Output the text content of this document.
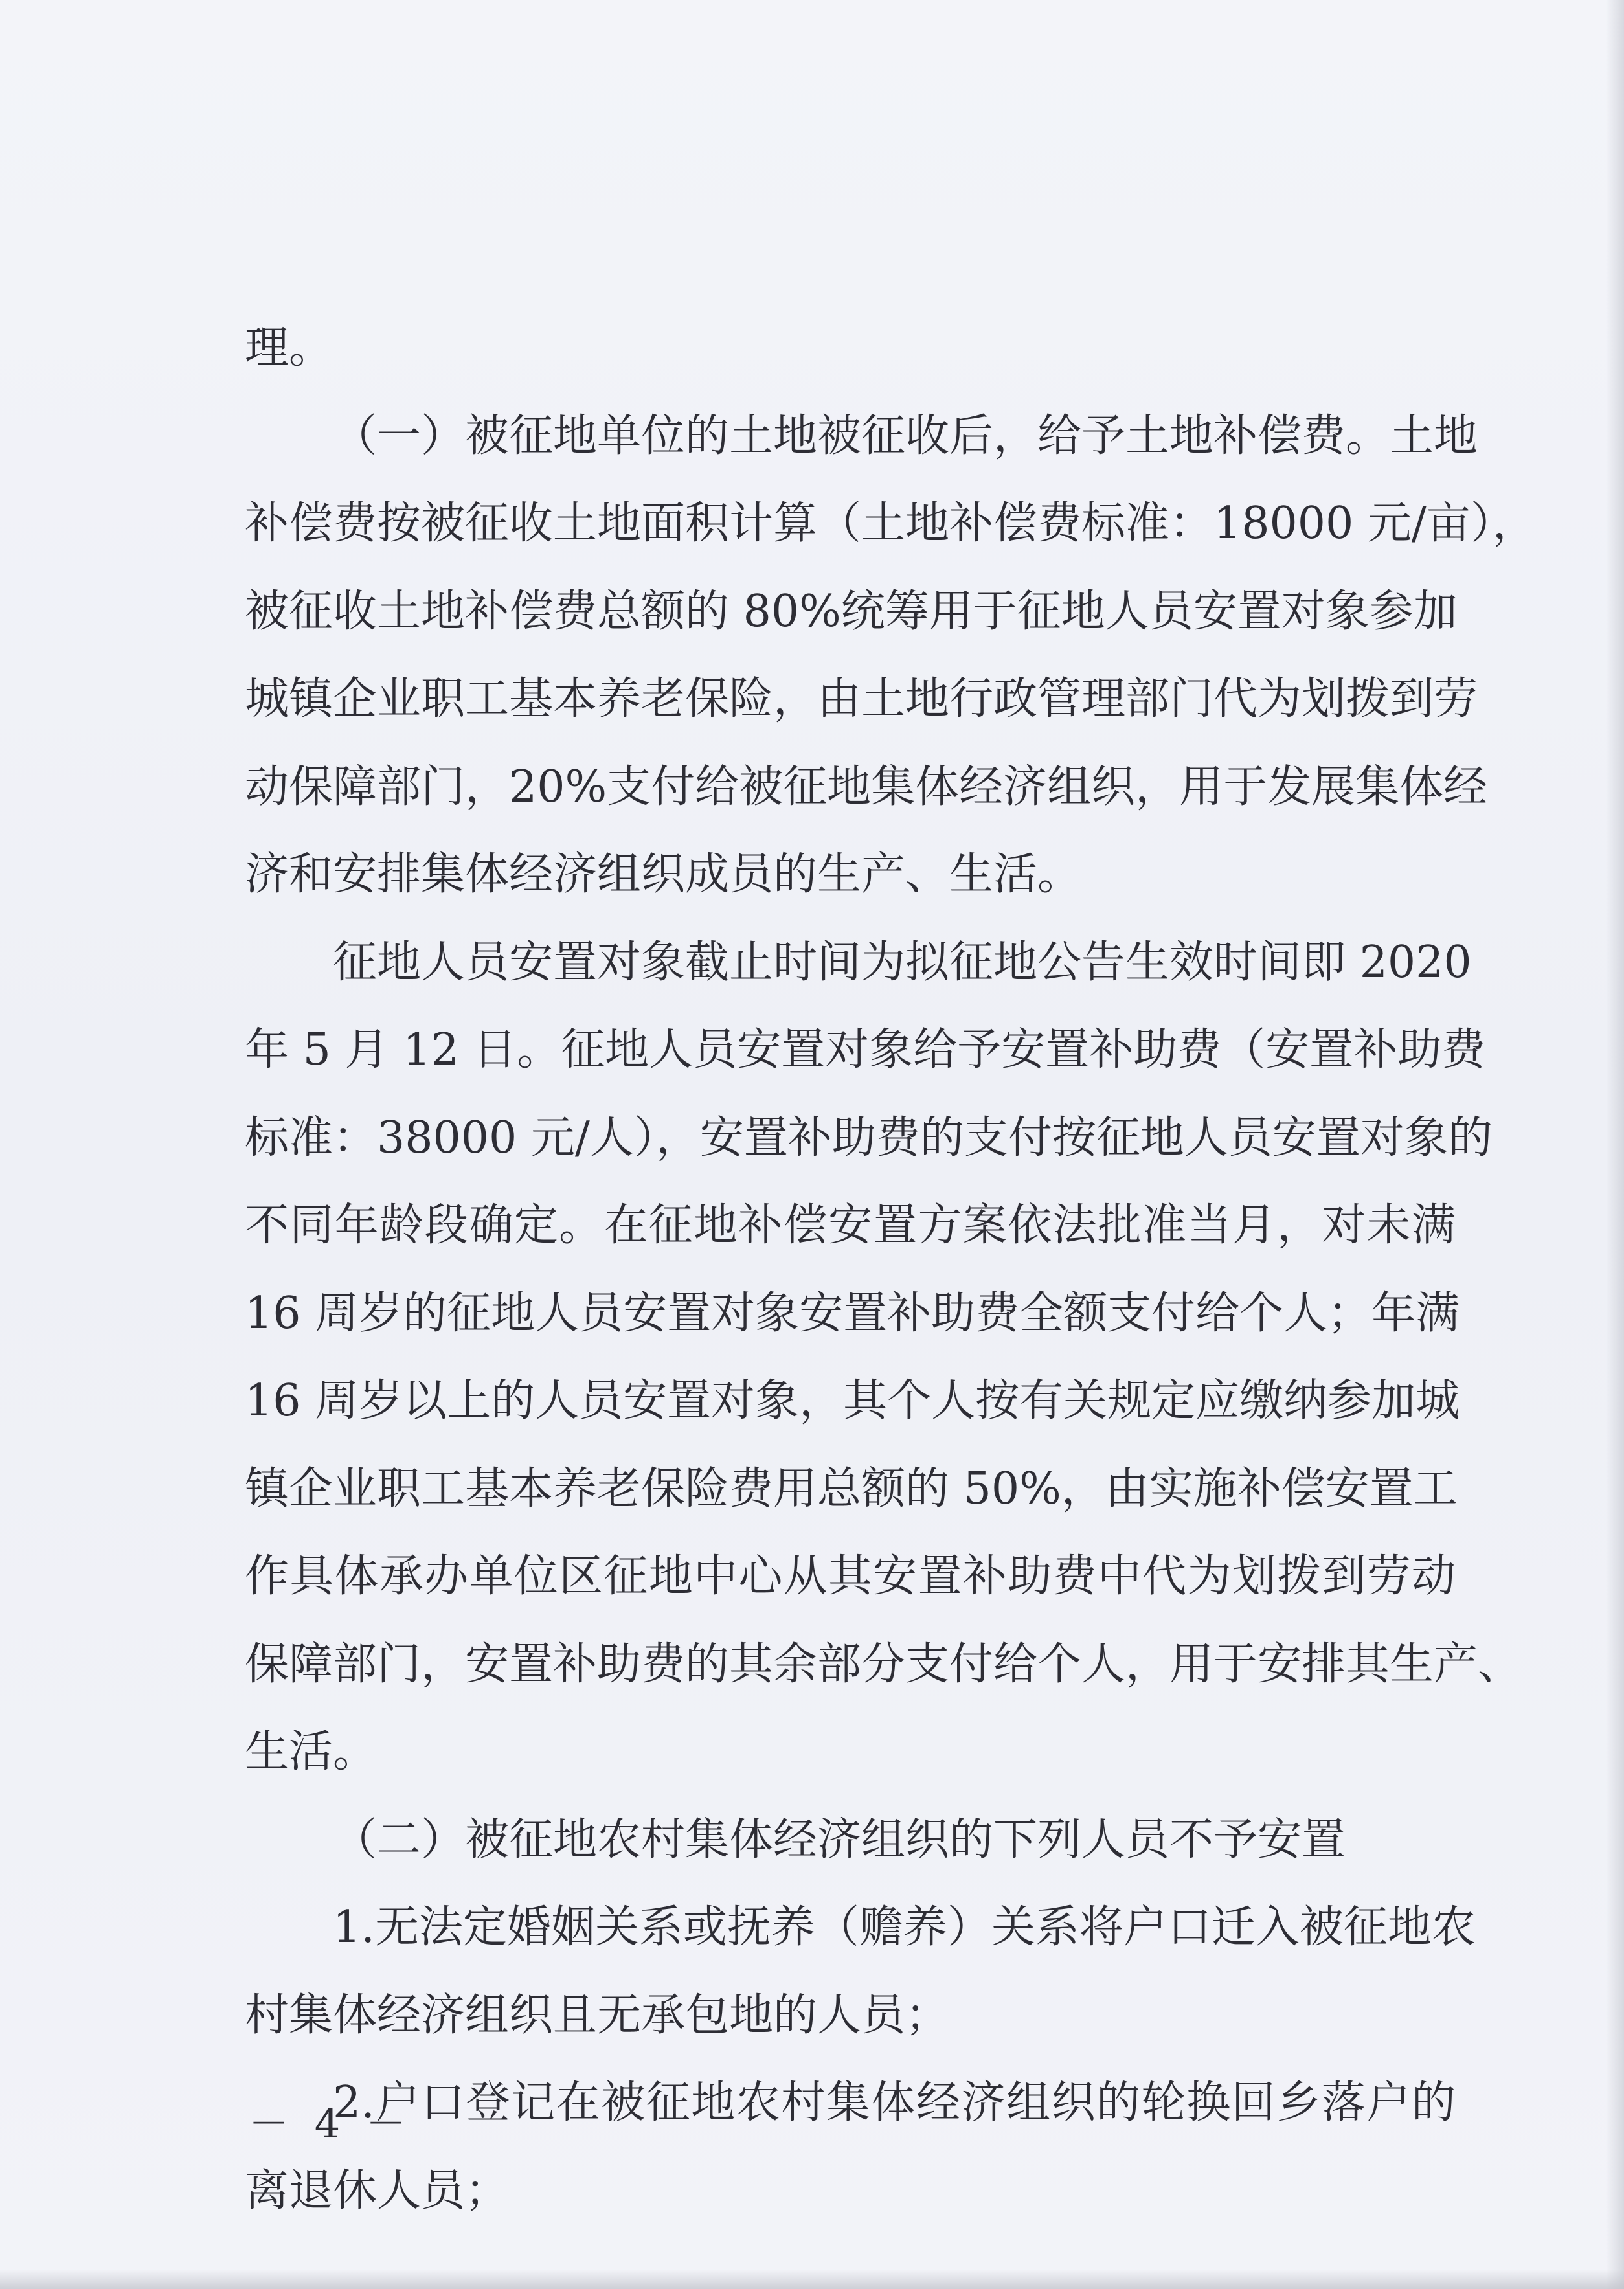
理。
（一）被征地单位的土地被征收后，给予土地补偿费。土地
补偿费按被征收土地面积计算（土地补偿费标准：18000 元/亩），
被征收土地补偿费总额的 80%统筹用于征地人员安置对象参加
城镇企业职工基本养老保险，由土地行政管理部门代为划拨到劳
动保障部门，20%支付给被征地集体经济组织，用于发展集体经
济和安排集体经济组织成员的生产、生活。
征地人员安置对象截止时间为拟征地公告生效时间即 2020
年 5 月 12 日。征地人员安置对象给予安置补助费（安置补助费
标准：38000 元/人），安置补助费的支付按征地人员安置对象的
不同年龄段确定。在征地补偿安置方案依法批准当月，对未满
16 周岁的征地人员安置对象安置补助费全额支付给个人；年满
16 周岁以上的人员安置对象，其个人按有关规定应缴纳参加城
镇企业职工基本养老保险费用总额的 50%，由实施补偿安置工
作具体承办单位区征地中心从其安置补助费中代为划拨到劳动
保障部门，安置补助费的其余部分支付给个人，用于安排其生产、
生活。
（二）被征地农村集体经济组织的下列人员不予安置
1.无法定婚姻关系或抚养（赡养）关系将户口迁入被征地农
村集体经济组织且无承包地的人员；
2.户口登记在被征地农村集体经济组织的轮换回乡落户的
离退休人员；
－ 4 －
